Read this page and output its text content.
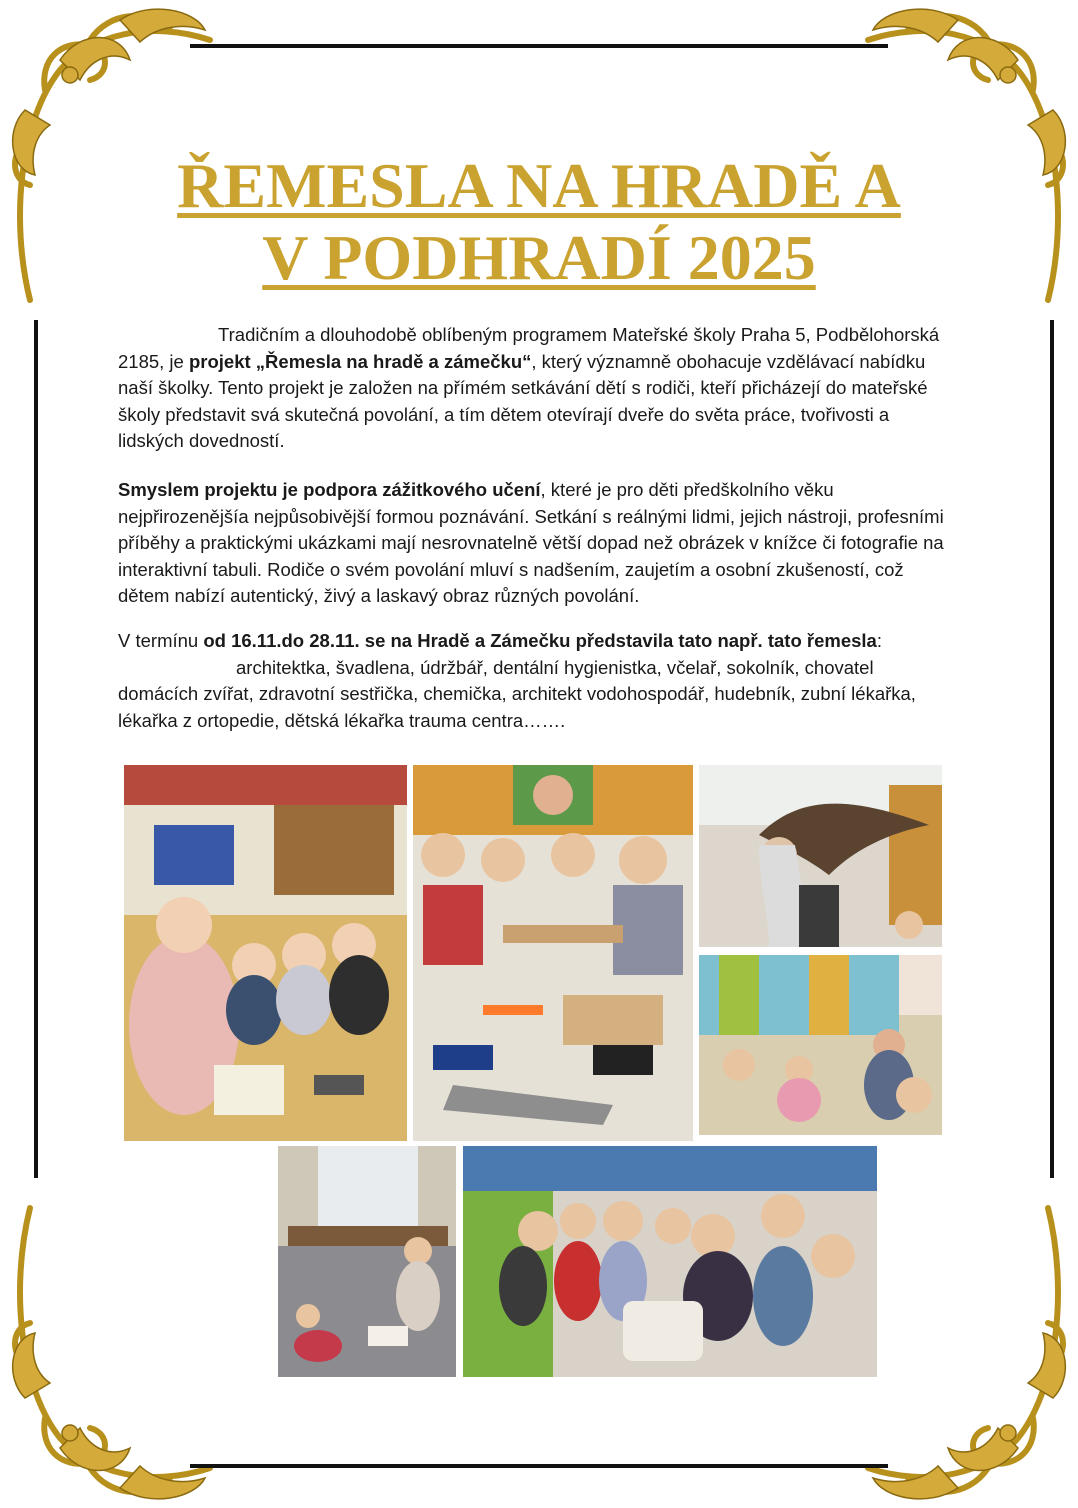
ŘEMESLA NA HRADĚ A
V PODHRADÍ 2025

Tradičním a dlouhodobě oblíbeným programem Mateřské školy Praha 5, Podbělohorská 2185, je projekt „Řemesla na hradě a zámečku“, který významně obohacuje vzdělávací nabídku naší školky. Tento projekt je založen na přímém setkávání dětí s rodiči, kteří přicházejí do mateřské školy představit svá skutečná povolání, a tím dětem otevírají dveře do světa práce, tvořivosti a lidských dovedností.

Smyslem projektu je podpora zážitkového učení, které je pro děti předškolního věku nejpřirozenějšía nejpůsobivější formou poznávání. Setkání s reálnými lidmi, jejich nástroji, profesními příběhy a praktickými ukázkami mají nesrovnatelně větší dopad než obrázek v knížce či fotografie na interaktivní tabuli. Rodiče o svém povolání mluví s nadšením, zaujetím a osobní zkušeností, což dětem nabízí autentický, živý a laskavý obraz různých povolání.

V termínu od 16.11.do 28.11. se na Hradě a Zámečku představila tato např. tato řemesla:
architektka, švadlena, údržbář, dentální hygienistka, včelař, sokolník, chovatel domácích zvířat, zdravotní sestřička, chemička, architekt vodohospodář, hudebník, zubní lékařka, lékařka z ortopedie, dětská lékařka trauma centra…….
